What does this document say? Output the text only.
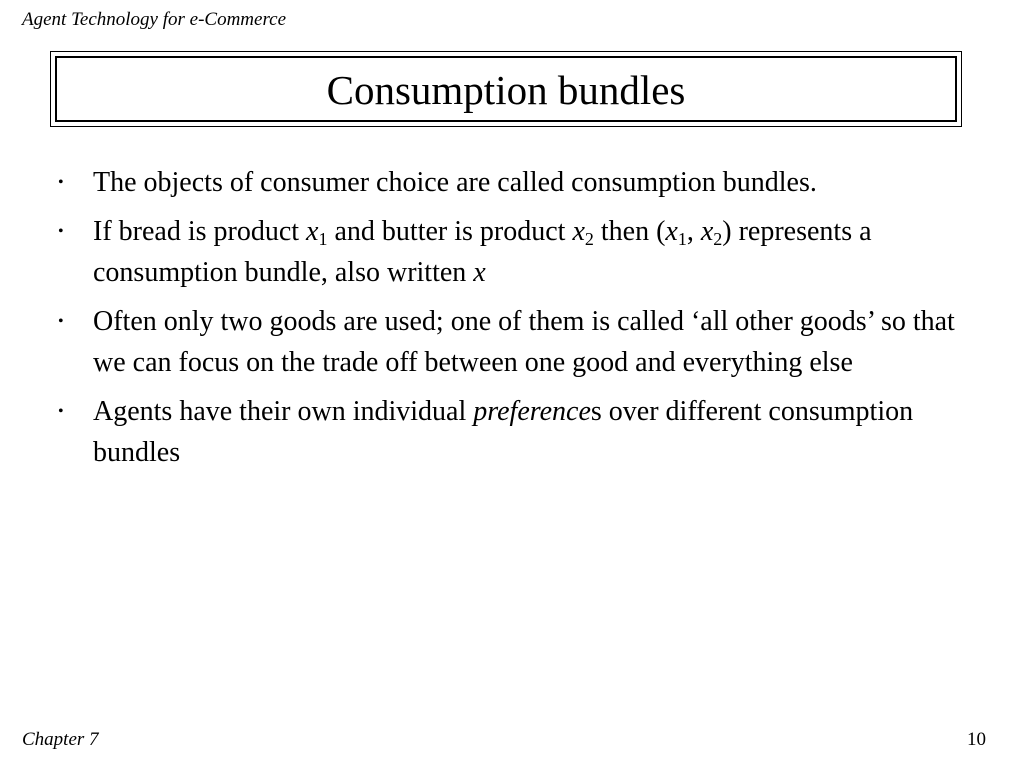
Agent Technology for e-Commerce
Consumption bundles
• The objects of consumer choice are called consumption bundles.
• If bread is product $x_1$ and butter is product $x_2$ then ($x_1$, $x_2$) represents a consumption bundle, also written x
• Often only two goods are used; one of them is called ‘all other goods’ so that we can focus on the trade off between one good and everything else
• Agents have their own individual preferences over different consumption bundles
Chapter 7	10
